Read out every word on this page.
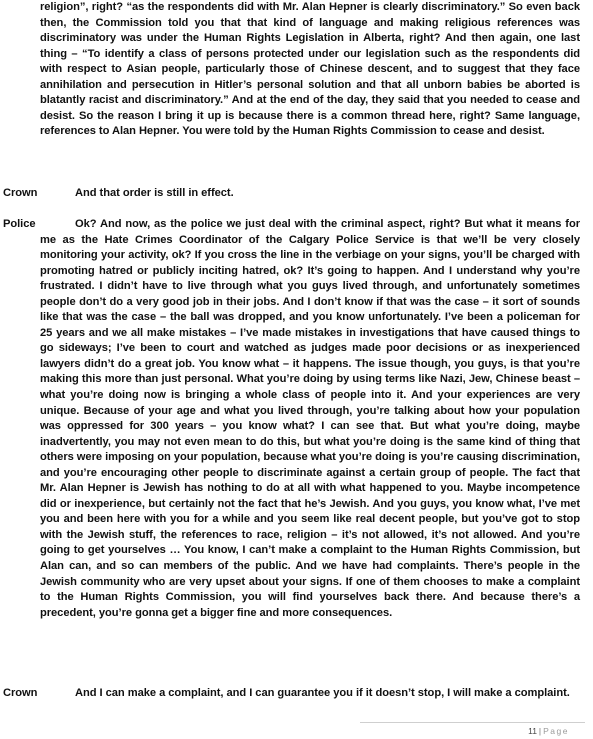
religion”, right? “as the respondents did with Mr. Alan Hepner is clearly discriminatory.” So even back then, the Commission told you that that kind of language and making religious references was discriminatory was under the Human Rights Legislation in Alberta, right? And then again, one last thing – “To identify a class of persons protected under our legislation such as the respondents did with respect to Asian people, particularly those of Chinese descent, and to suggest that they face annihilation and persecution in Hitler’s personal solution and that all unborn babies be aborted is blatantly racist and discriminatory.” And at the end of the day, they said that you needed to cease and desist. So the reason I bring it up is because there is a common thread here, right? Same language, references to Alan Hepner. You were told by the Human Rights Commission to cease and desist.
Crown	And that order is still in effect.
Police	Ok? And now, as the police we just deal with the criminal aspect, right? But what it means for me as the Hate Crimes Coordinator of the Calgary Police Service is that we’ll be very closely monitoring your activity, ok? If you cross the line in the verbiage on your signs, you’ll be charged with promoting hatred or publicly inciting hatred, ok? It’s going to happen. And I understand why you’re frustrated. I didn’t have to live through what you guys lived through, and unfortunately sometimes people don’t do a very good job in their jobs. And I don’t know if that was the case – it sort of sounds like that was the case – the ball was dropped, and you know unfortunately. I’ve been a policeman for 25 years and we all make mistakes – I’ve made mistakes in investigations that have caused things to go sideways; I’ve been to court and watched as judges made poor decisions or as inexperienced lawyers didn’t do a great job. You know what – it happens. The issue though, you guys, is that you’re making this more than just personal. What you’re doing by using terms like Nazi, Jew, Chinese beast – what you’re doing now is bringing a whole class of people into it. And your experiences are very unique. Because of your age and what you lived through, you’re talking about how your population was oppressed for 300 years – you know what? I can see that. But what you’re doing, maybe inadvertently, you may not even mean to do this, but what you’re doing is the same kind of thing that others were imposing on your population, because what you’re doing is you’re causing discrimination, and you’re encouraging other people to discriminate against a certain group of people. The fact that Mr. Alan Hepner is Jewish has nothing to do at all with what happened to you. Maybe incompetence did or inexperience, but certainly not the fact that he’s Jewish. And you guys, you know what, I’ve met you and been here with you for a while and you seem like real decent people, but you’ve got to stop with the Jewish stuff, the references to race, religion – it’s not allowed, it’s not allowed. And you’re going to get yourselves … You know, I can’t make a complaint to the Human Rights Commission, but Alan can, and so can members of the public. And we have had complaints. There’s people in the Jewish community who are very upset about your signs. If one of them chooses to make a complaint to the Human Rights Commission, you will find yourselves back there. And because there’s a precedent, you’re gonna get a bigger fine and more consequences.
Crown	And I can make a complaint, and I can guarantee you if it doesn’t stop, I will make a complaint.
11 | Page
